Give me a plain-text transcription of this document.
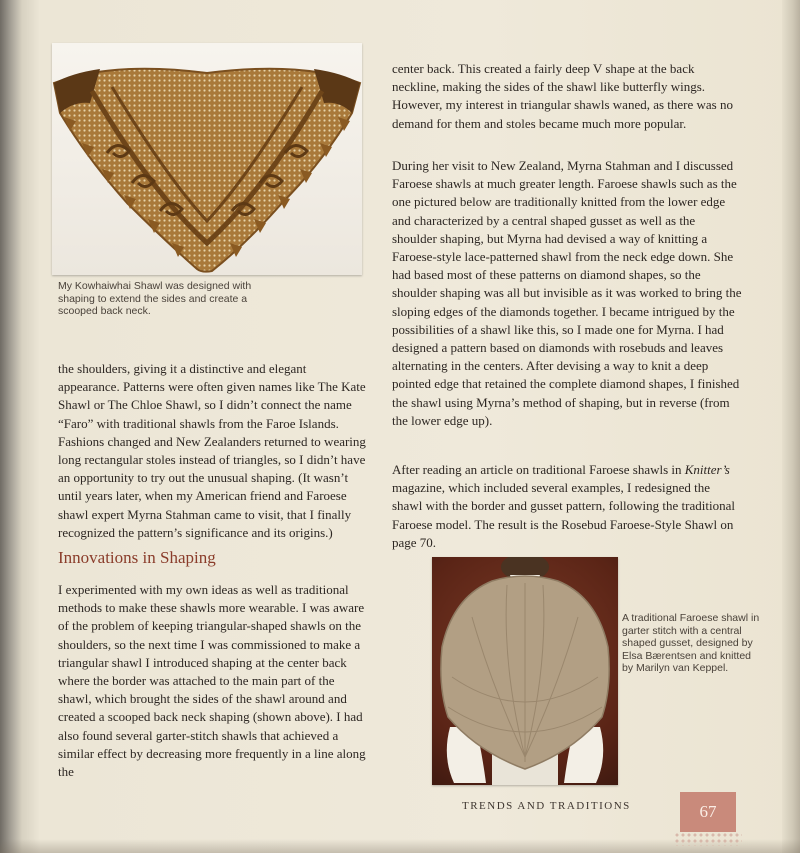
My Kowhaiwhai Shawl was designed with shaping to extend the sides and create a scooped back neck.

the shoulders, giving it a distinctive and elegant appearance. Patterns were often given names like The Kate Shawl or The Chloe Shawl, so I didn’t connect the name “Faro” with traditional shawls from the Faroe Islands. Fashions changed and New Zealanders returned to wearing long rectangular stoles instead of triangles, so I didn’t have an opportunity to try out the unusual shaping. (It wasn’t until years later, when my American friend and Faroese shawl expert Myrna Stahman came to visit, that I finally recognized the pattern’s significance and its origins.)

Innovations in Shaping

I experimented with my own ideas as well as traditional methods to make these shawls more wearable. I was aware of the problem of keeping triangular-shaped shawls on the shoulders, so the next time I was commissioned to make a triangular shawl I introduced shaping at the center back where the border was attached to the main part of the shawl, which brought the sides of the shawl around and created a scooped back neck shaping (shown above). I had also found several garter-stitch shawls that achieved a similar effect by decreasing more frequently in a line along the

center back. This created a fairly deep V shape at the back neckline, making the sides of the shawl like butterfly wings. However, my interest in triangular shawls waned, as there was no demand for them and stoles became much more popular.

During her visit to New Zealand, Myrna Stahman and I discussed Faroese shawls at much greater length. Faroese shawls such as the one pictured below are traditionally knitted from the lower edge and characterized by a central shaped gusset as well as the shoulder shaping, but Myrna had devised a way of knitting a Faroese-style lace-patterned shawl from the neck edge down. She had based most of these patterns on diamond shapes, so the shoulder shaping was all but invisible as it was worked to bring the sloping edges of the diamonds together. I became intrigued by the possibilities of a shawl like this, so I made one for Myrna. I had designed a pattern based on diamonds with rosebuds and leaves alternating in the centers. After devising a way to knit a deep pointed edge that retained the complete diamond shapes, I finished the shawl using Myrna’s method of shaping, but in reverse (from the lower edge up).

After reading an article on traditional Faroese shawls in Knitter’s magazine, which included several examples, I redesigned the shawl with the border and gusset pattern, following the traditional Faroese model. The result is the Rosebud Faroese-Style Shawl on page 70.

A traditional Faroese shawl in garter stitch with a central shaped gusset, designed by Elsa Bærentsen and knitted by Marilyn van Keppel.
TRENDS AND TRADITIONS	67
